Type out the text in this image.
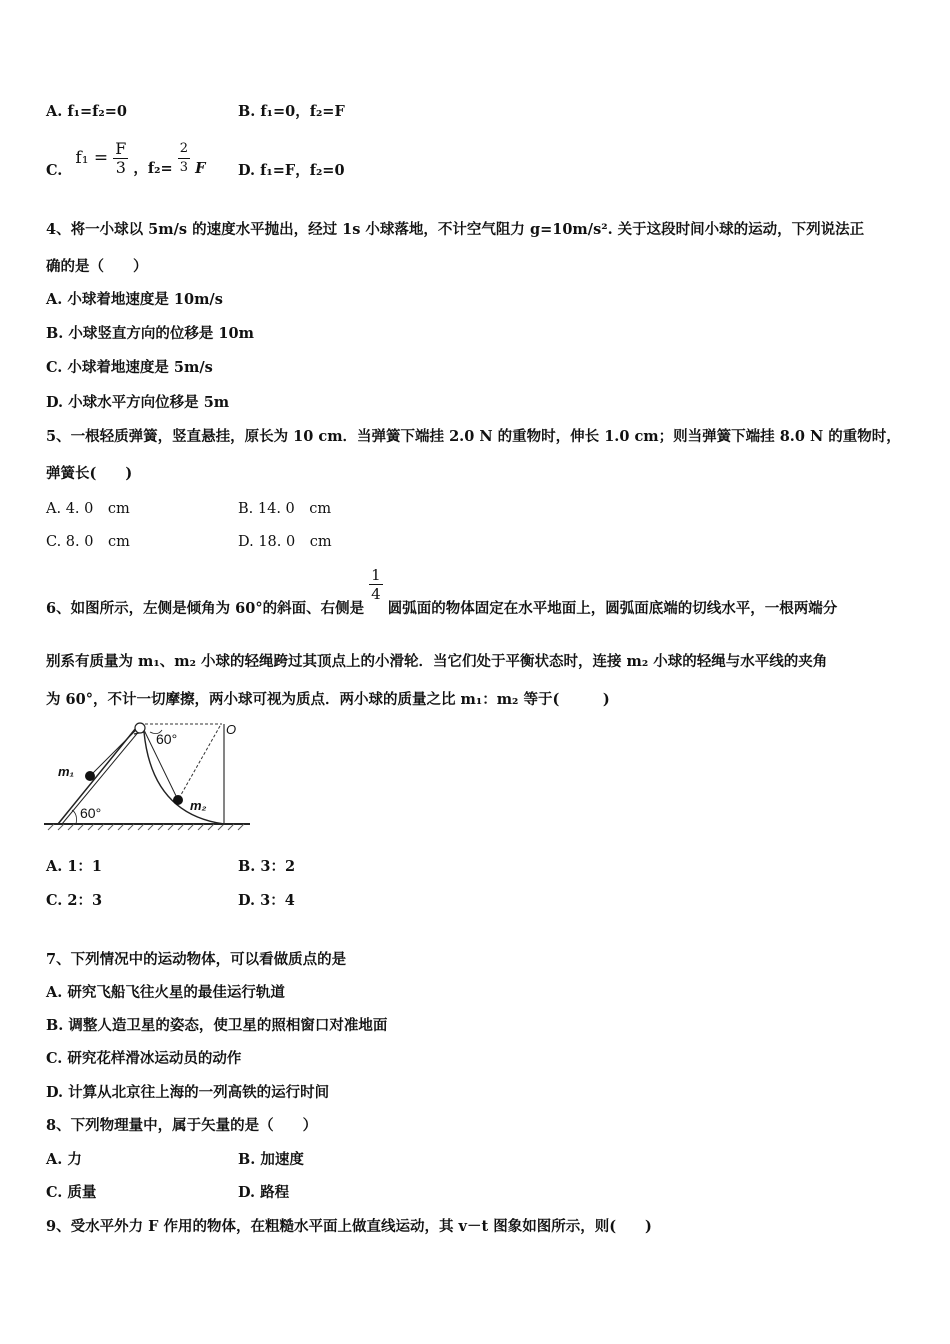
A. f₁=f₂=0	B. f₁=0，f₂=F
C. $f_1 = \frac{F}{3}$ ，$f_2= \frac{2}{3}$ F D. f₁=F，f₂=0
4、将一小球以 5m/s 的速度水平抛出，经过 1s 小球落地，不计空气阻力 g=10m/s². 关于这段时间小球的运动，下列说法正
确的是（　　）
A. 小球着地速度是 10m/s
B. 小球竖直方向的位移是 10m
C. 小球着地速度是 5m/s
D. 小球水平方向位移是 5m
5、一根轻质弹簧，竖直悬挂，原长为 10 cm．当弹簧下端挂 2.0 N 的重物时，伸长 1.0 cm；则当弹簧下端挂 8.0 N 的重物时，
弹簧长(　　)
A. 4. 0　cm	B. 14. 0　cm
C. 8. 0　cm	D. 18. 0　cm
6、如图所示，左侧是倾角为 60°的斜面、右侧是
$\frac{1}{4}$
圆弧面的物体固定在水平地面上，圆弧面底端的切线水平，一根两端分
别系有质量为 m₁、m₂ 小球的轻绳跨过其顶点上的小滑轮．当它们处于平衡状态时，连接 m₂ 小球的轻绳与水平线的夹角
为 60°，不计一切摩擦，两小球可视为质点．两小球的质量之比 m₁：m₂ 等于(　　　)
60°
60°
m₁
m₂
O
A. 1：1	B. 3：2
C. 2：3	D. 3：4
7、下列情况中的运动物体，可以看做质点的是
A. 研究飞船飞往火星的最佳运行轨道
B. 调整人造卫星的姿态，使卫星的照相窗口对准地面
C. 研究花样滑冰运动员的动作
D. 计算从北京往上海的一列高铁的运行时间
8、下列物理量中，属于矢量的是（　　）
A. 力	B. 加速度
C. 质量	D. 路程
9、受水平外力 F 作用的物体，在粗糙水平面上做直线运动，其 v－t 图象如图所示，则(　　)
